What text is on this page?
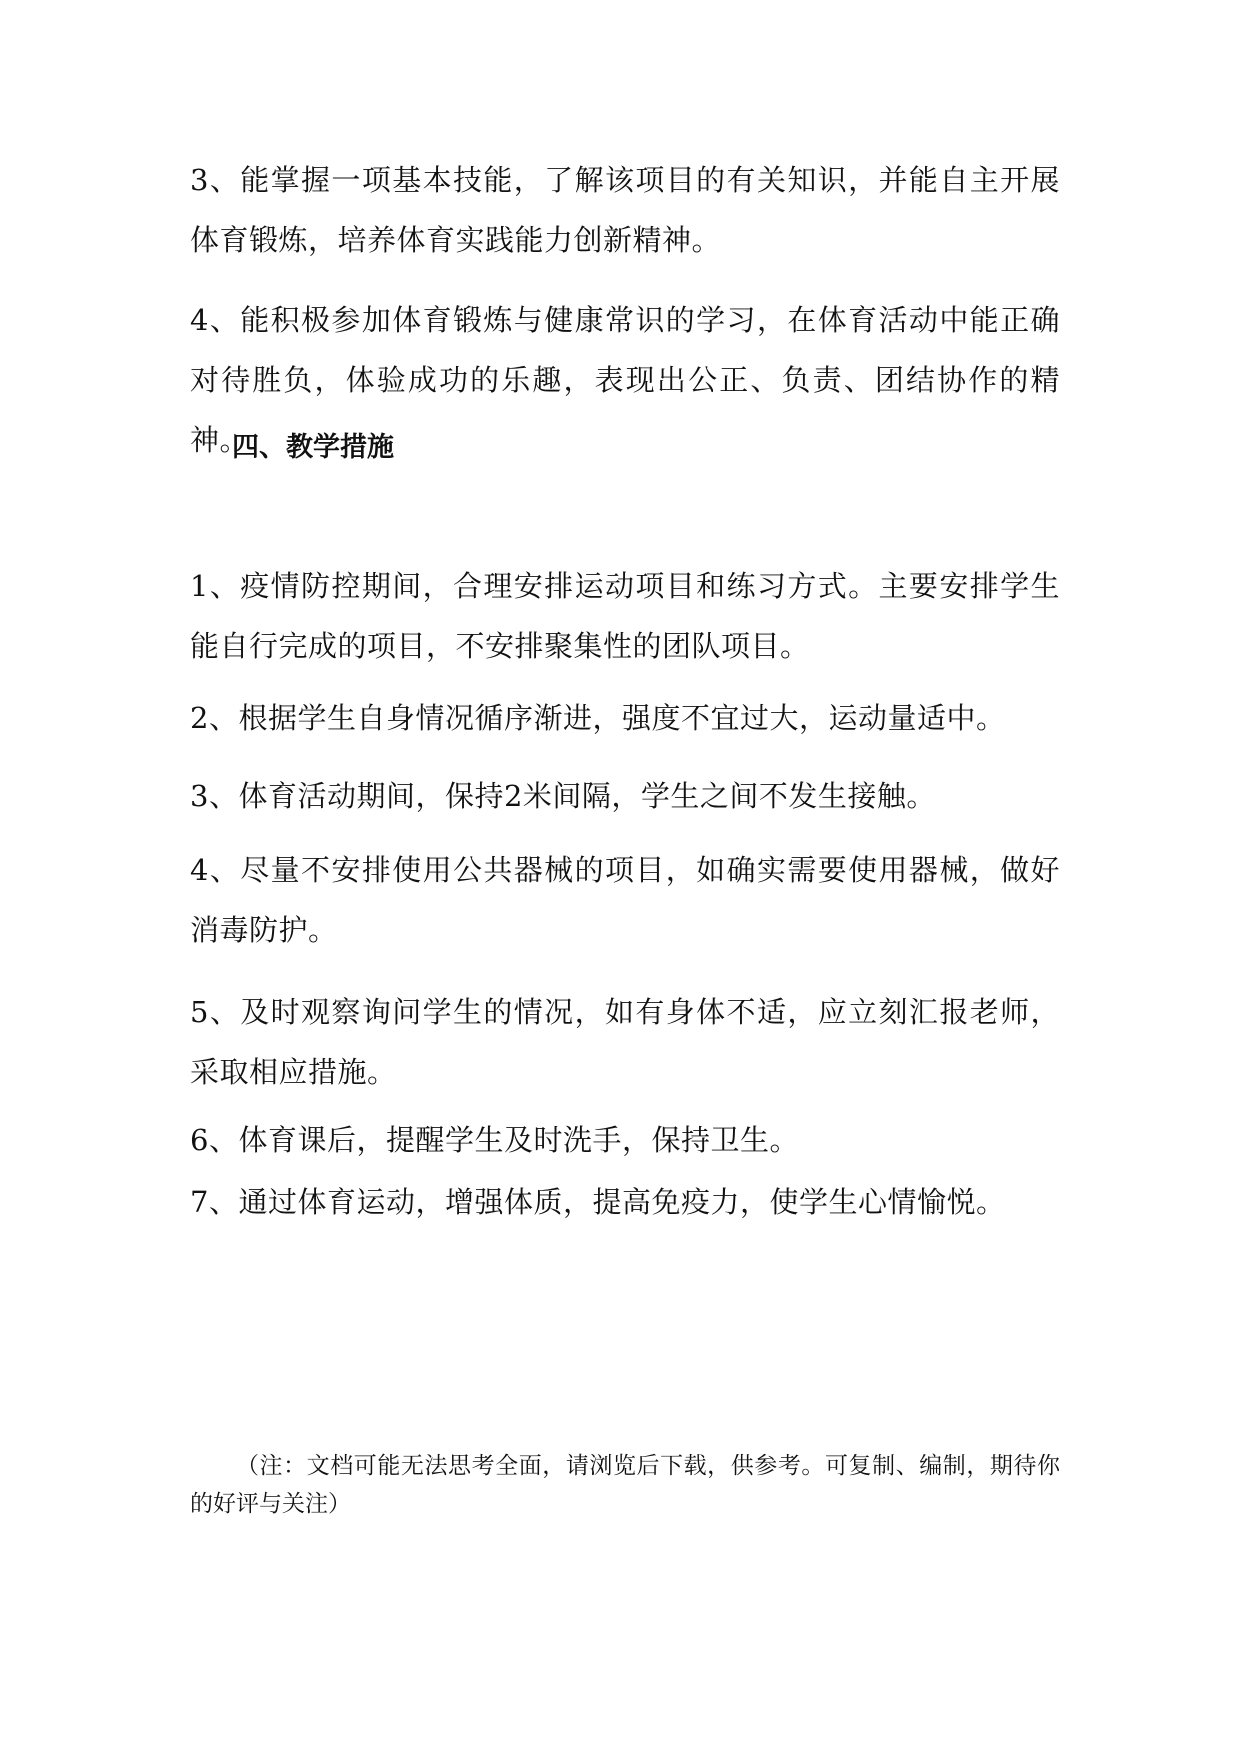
3、能掌握一项基本技能，了解该项目的有关知识，并能自主开展体育锻炼，培养体育实践能力创新精神。

4、能积极参加体育锻炼与健康常识的学习，在体育活动中能正确对待胜负，体验成功的乐趣，表现出公正、负责、团结协作的精神。

四、教学措施

1、疫情防控期间，合理安排运动项目和练习方式。主要安排学生能自行完成的项目，不安排聚集性的团队项目。

2、根据学生自身情况循序渐进，强度不宜过大，运动量适中。

3、体育活动期间，保持2米间隔，学生之间不发生接触。

4、尽量不安排使用公共器械的项目，如确实需要使用器械，做好消毒防护。

5、及时观察询问学生的情况，如有身体不适，应立刻汇报老师，采取相应措施。

6、体育课后，提醒学生及时洗手，保持卫生。

7、通过体育运动，增强体质，提高免疫力，使学生心情愉悦。

（注：文档可能无法思考全面，请浏览后下载，供参考。可复制、编制，期待你的好评与关注）
